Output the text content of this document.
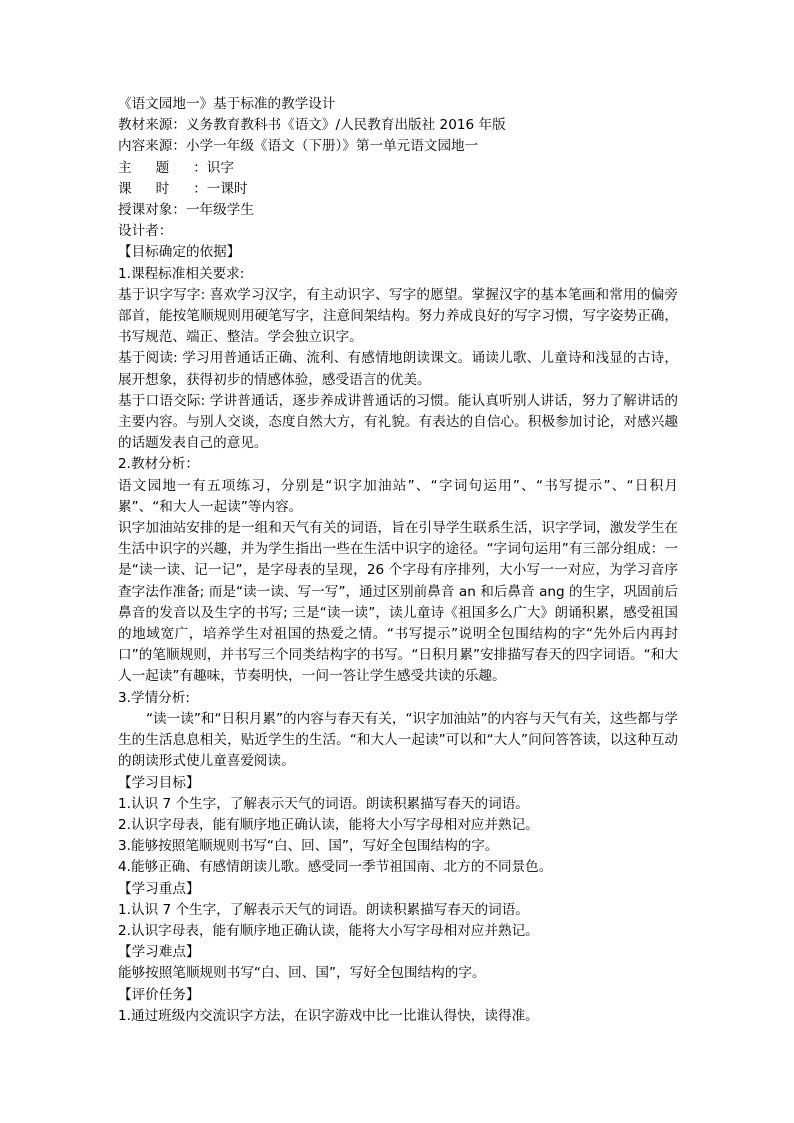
《语文园地一》基于标准的教学设计

教材来源：义务教育教科书《语文》/人民教育出版社 2016 年版

内容来源：小学一年级《语文（下册）》第一单元语文园地一

主题：识字

课时：一课时

授课对象：一年级学生

设计者：

【目标确定的依据】

1.课程标准相关要求:

基于识字写字: 喜欢学习汉字，有主动识字、写字的愿望。掌握汉字的基本笔画和常用的偏旁部首，能按笔顺规则用硬笔写字，注意间架结构。努力养成良好的写字习惯，写字姿势正确，书写规范、端正、整洁。学会独立识字。

基于阅读: 学习用普通话正确、流利、有感情地朗读课文。诵读儿歌、儿童诗和浅显的古诗，展开想象，获得初步的情感体验，感受语言的优美。

基于口语交际: 学讲普通话，逐步养成讲普通话的习惯。能认真听别人讲话，努力了解讲话的主要内容。与别人交谈，态度自然大方，有礼貌。有表达的自信心。积极参加讨论，对感兴趣的话题发表自己的意见。

2.教材分析：

语文园地一有五项练习，分别是“识字加油站”、“字词句运用”、“书写提示”、“日积月累”、“和大人一起读”等内容。

识字加油站安排的是一组和天气有关的词语，旨在引导学生联系生活，识字学词，激发学生在生活中识字的兴趣，并为学生指出一些在生活中识字的途径。“字词句运用”有三部分组成：一是“读一读、记一记”，是字母表的呈现，26 个字母有序排列，大小写一一对应，为学习音序查字法作准备; 而是“读一读、写一写”，通过区别前鼻音 an 和后鼻音 ang 的生字，巩固前后鼻音的发音以及生字的书写; 三是“读一读”，读儿童诗《祖国多么广大》朗诵积累，感受祖国的地域宽广，培养学生对祖国的热爱之情。“书写提示”说明全包围结构的字“先外后内再封口”的笔顺规则，并书写三个同类结构字的书写。“日积月累”安排描写春天的四字词语。“和大人一起读”有趣味，节奏明快，一问一答让学生感受共读的乐趣。

3.学情分析:

“读一读”和“日积月累”的内容与春天有关，“识字加油站”的内容与天气有关，这些都与学生的生活息息相关，贴近学生的生活。“和大人一起读”可以和“大人”问问答答读，以这种互动的朗读形式使儿童喜爱阅读。

【学习目标】

1.认识 7 个生字，了解表示天气的词语。朗读积累描写春天的词语。

2.认识字母表，能有顺序地正确认读，能将大小写字母相对应并熟记。

3.能够按照笔顺规则书写“白、回、国”，写好全包围结构的字。

4.能够正确、有感情朗读儿歌。感受同一季节祖国南、北方的不同景色。

【学习重点】

1.认识 7 个生字，了解表示天气的词语。朗读积累描写春天的词语。

2.认识字母表，能有顺序地正确认读，能将大小写字母相对应并熟记。

【学习难点】

能够按照笔顺规则书写“白、回、国”，写好全包围结构的字。

【评价任务】

1.通过班级内交流识字方法，在识字游戏中比一比谁认得快，读得准。
